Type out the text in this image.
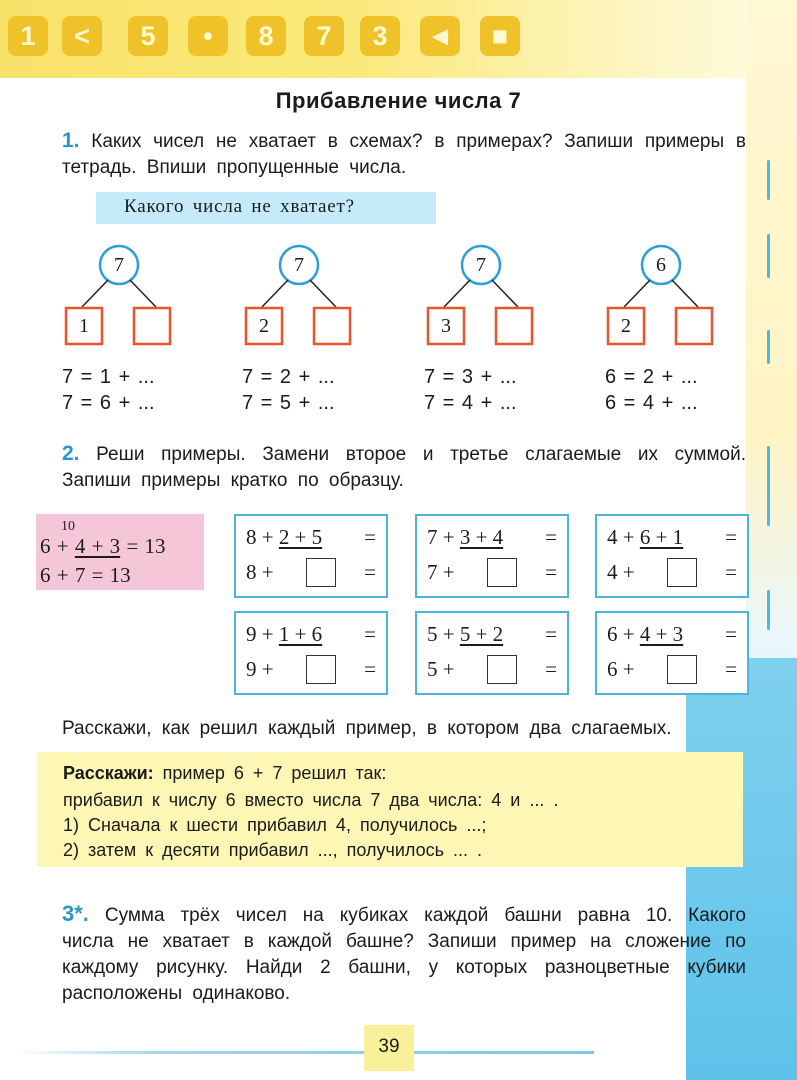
1	<	5	•	8	7	3	◄	■
Прибавление числа 7
1. Каких чисел не хватает в схемах? в примерах? Запиши примеры в тетрадь. Впиши пропущенные числа.
Какого числа не хватает?
7
1
7
2
7
3
6
2
7 = 1 + ...
7 = 6 + ...
7 = 2 + ...
7 = 5 + ...
7 = 3 + ...
7 = 4 + ...
6 = 2 + ...
6 = 4 + ...
2. Реши примеры. Замени второе и третье слагаемые их суммой. Запиши примеры кратко по образцу.
10
6 + 4 + 3 = 13
6 + 7 = 13
8 + 2 + 5 =
8 +	=
7 + 3 + 4 =
7 +	=
4 + 6 + 1 =
4 +	=
9 + 1 + 6 =
9 +	=
5 + 5 + 2 =
5 +	=
6 + 4 + 3 =
6 +	=
Расскажи, как решил каждый пример, в котором два слагаемых.
Расскажи: пример 6 + 7 решил так:
прибавил к числу 6 вместо числа 7 два числа: 4 и ... .
1) Сначала к шести прибавил 4, получилось ...;
2) затем к десяти прибавил ..., получилось ... .
3*. Сумма трёх чисел на кубиках каждой башни равна 10. Какого числа не хватает в каждой башне? Запиши пример на сложение по каждому рисунку. Найди 2 башни, у которых разноцветные кубики расположены одинаково.
39
